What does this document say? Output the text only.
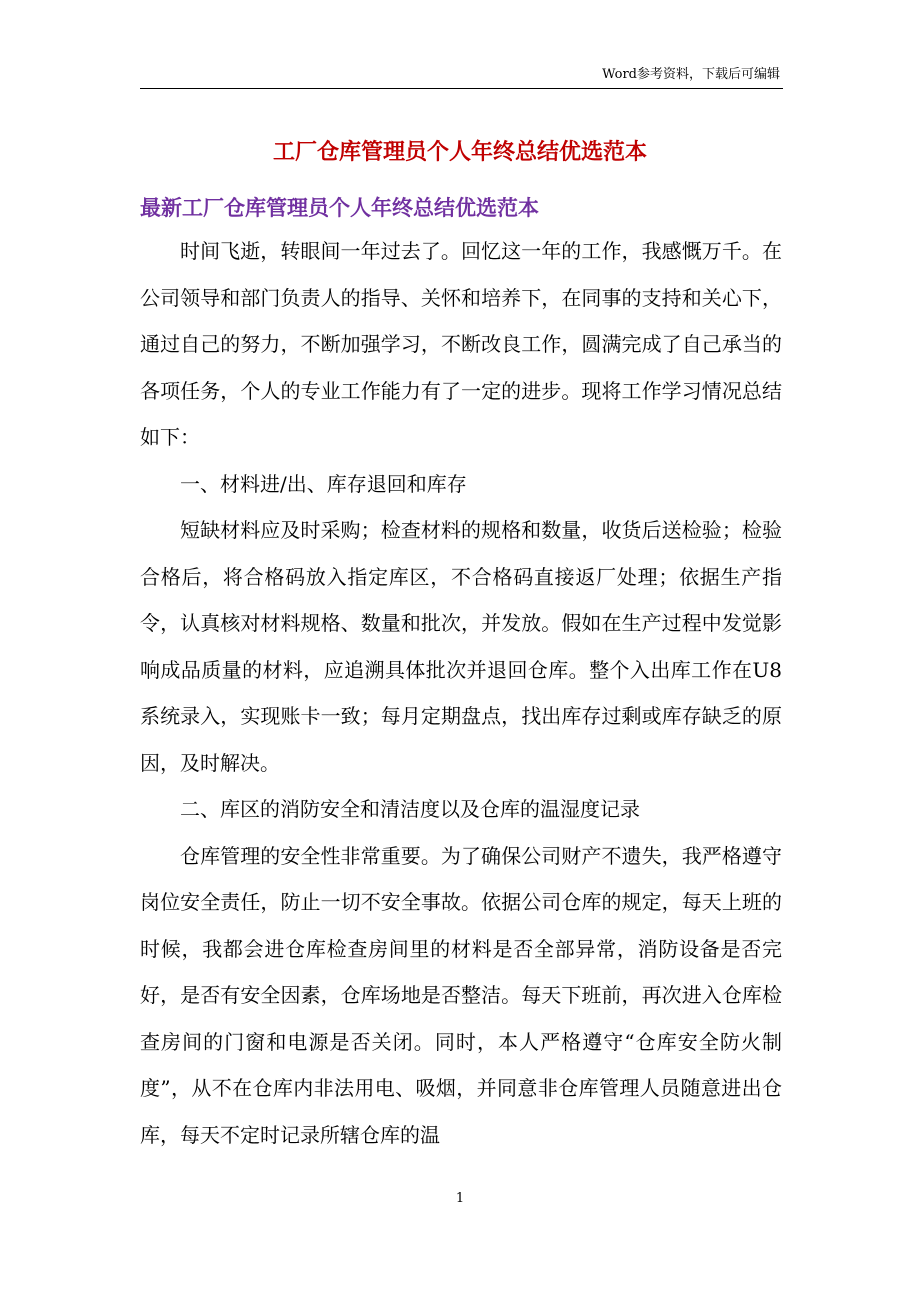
Word参考资料，下载后可编辑
工厂仓库管理员个人年终总结优选范本
最新工厂仓库管理员个人年终总结优选范本

时间飞逝，转眼间一年过去了。回忆这一年的工作，我感慨万千。在公司领导和部门负责人的指导、关怀和培养下，在同事的支持和关心下，通过自己的努力，不断加强学习，不断改良工作，圆满完成了自己承当的各项任务，个人的专业工作能力有了一定的进步。现将工作学习情况总结如下：

一、材料进/出、库存退回和库存

短缺材料应及时采购；检查材料的规格和数量，收货后送检验；检验合格后，将合格码放入指定库区，不合格码直接返厂处理；依据生产指令，认真核对材料规格、数量和批次，并发放。假如在生产过程中发觉影响成品质量的材料，应追溯具体批次并退回仓库。整个入出库工作在U8系统录入，实现账卡一致；每月定期盘点，找出库存过剩或库存缺乏的原因，及时解决。

二、库区的消防安全和清洁度以及仓库的温湿度记录

仓库管理的安全性非常重要。为了确保公司财产不遗失，我严格遵守岗位安全责任，防止一切不安全事故。依据公司仓库的规定，每天上班的时候，我都会进仓库检查房间里的材料是否全部异常，消防设备是否完好，是否有安全因素，仓库场地是否整洁。每天下班前，再次进入仓库检查房间的门窗和电源是否关闭。同时，本人严格遵守“仓库安全防火制度”，从不在仓库内非法用电、吸烟，并同意非仓库管理人员随意进出仓库，每天不定时记录所辖仓库的温

1
